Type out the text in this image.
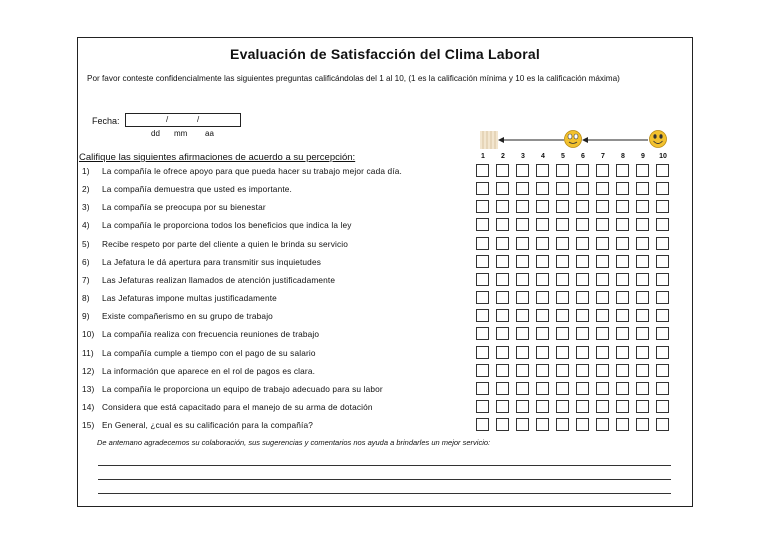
Evaluación de Satisfacción del Clima Laboral
Por favor conteste confidencialmente las siguientes preguntas calificándolas del 1 al 10, (1 es la calificación mínima y 10 es la calificación máxima)
Fecha:	/	/
dd mm aa
Califique las siguientes afirmaciones de acuerdo a su percepción:	1	2	3	4	5	6	7	8	9	10
1) La compañía le ofrece apoyo para que pueda hacer su trabajo mejor cada día.
2) La compañía demuestra que usted es importante.
3) La compañía se preocupa por su bienestar
4) La compañía le proporciona todos los beneficios que indica la ley
5) Recibe respeto por parte del cliente a quien le brinda su servicio
6) La Jefatura le dá apertura para transmitir sus inquietudes
7) Las Jefaturas realizan llamados de atención justificadamente
8) Las Jefaturas impone multas justificadamente
9) Existe compañerismo en su grupo de trabajo
10) La compañía realiza con frecuencia reuniones de trabajo
11) La compañía cumple a tiempo con el pago de su salario
12) La información que aparece en el rol de pagos es clara.
13) La compañía le proporciona un equipo de trabajo adecuado para su labor
14) Considera que está capacitado para el manejo de su arma de dotación
15) En General, ¿cual es su calificación para la compañía?
De antemano agradecemos su colaboración, sus sugerencias y comentarios nos ayuda a brindarles un mejor servicio:
